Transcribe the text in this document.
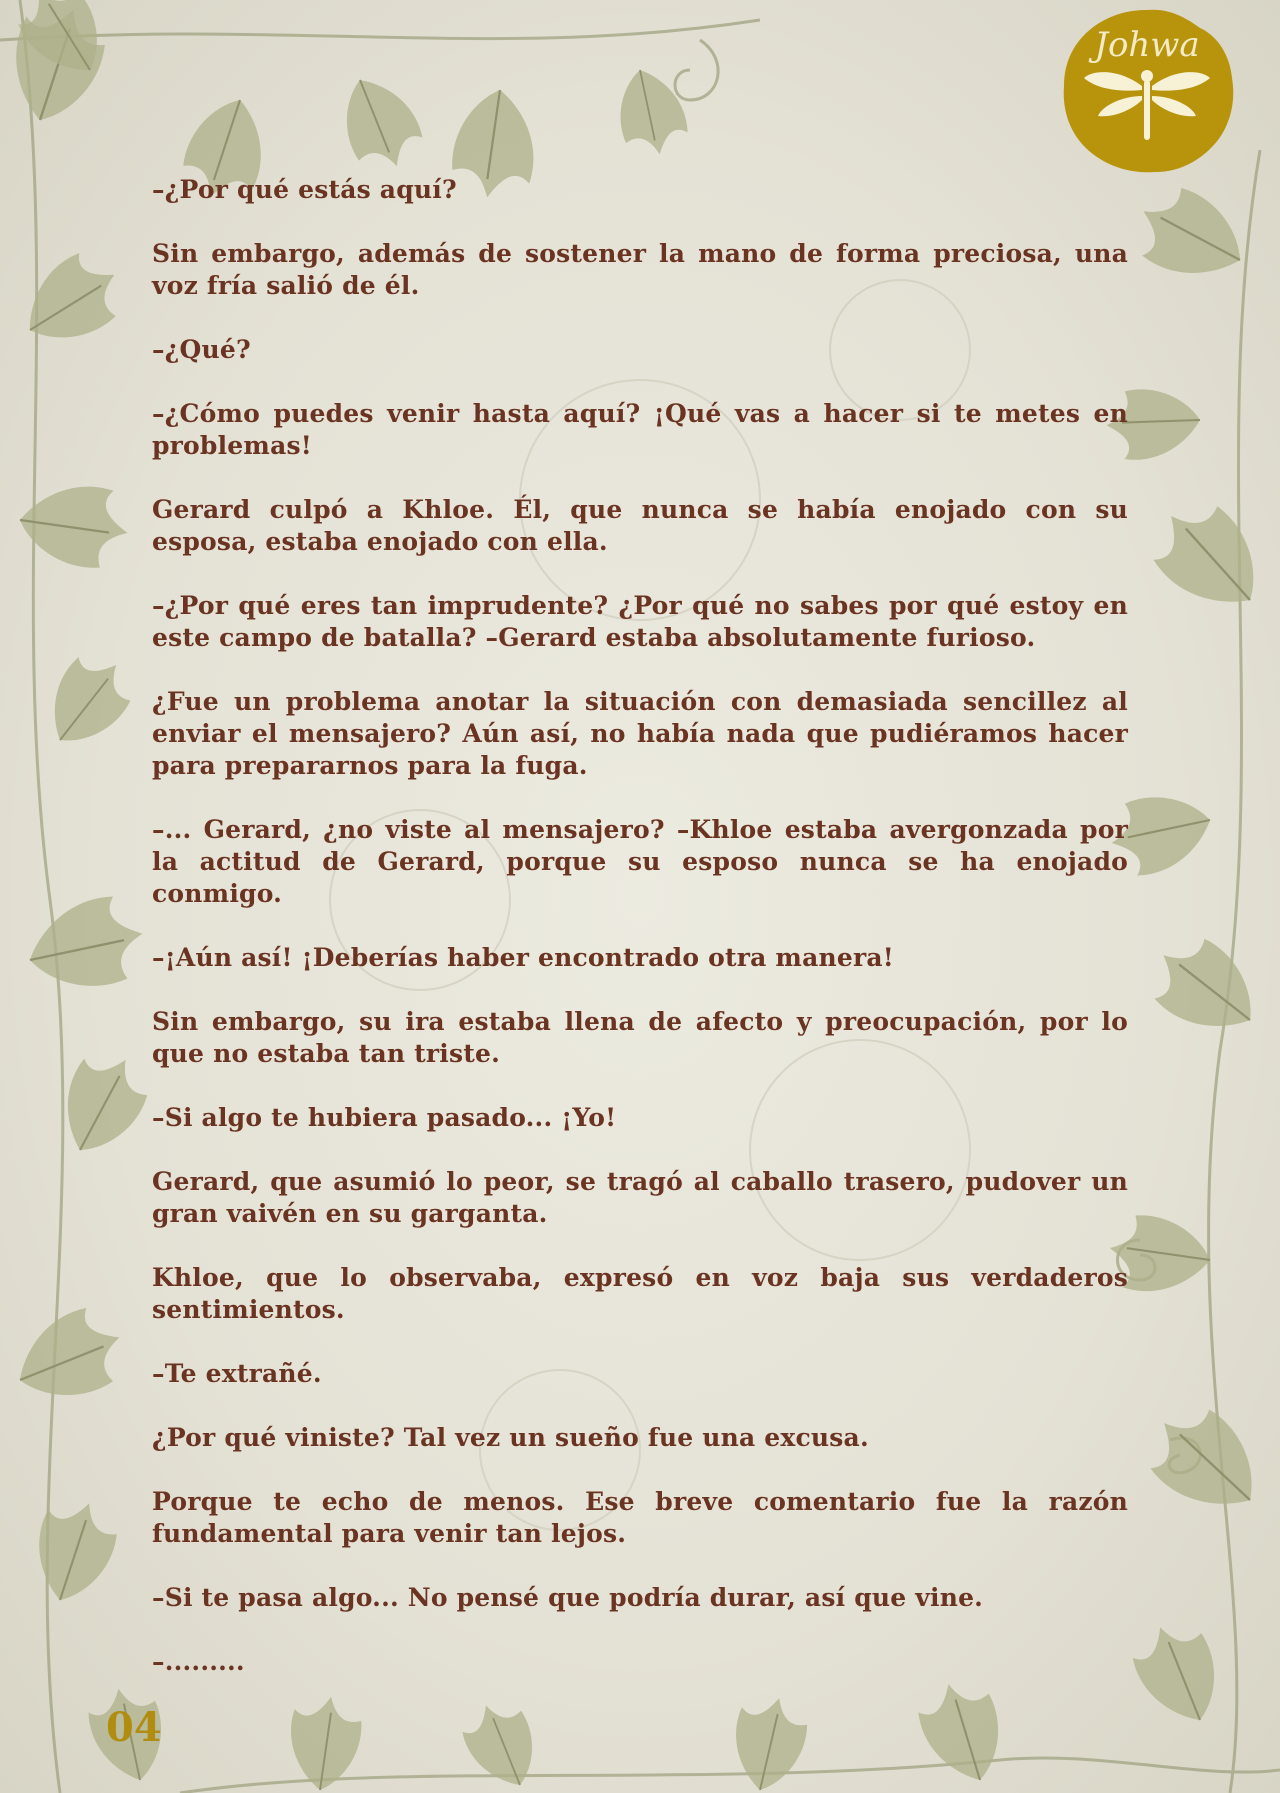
Johwa

–¿Por qué estás aquí?

Sin embargo, además de sostener la mano de forma preciosa, una voz fría salió de él.

–¿Qué?

–¿Cómo puedes venir hasta aquí? ¡Qué vas a hacer si te metes en problemas!

Gerard culpó a Khloe. Él, que nunca se había enojado con su esposa, estaba enojado con ella.

–¿Por qué eres tan imprudente? ¿Por qué no sabes por qué estoy en este campo de batalla? –Gerard estaba absolutamente furioso.

¿Fue un problema anotar la situación con demasiada sencillez al enviar el mensajero? Aún así, no había nada que pudiéramos hacer para prepararnos para la fuga.

–... Gerard, ¿no viste al mensajero? –Khloe estaba avergonzada por la actitud de Gerard, porque su esposo nunca se ha enojado conmigo.

–¡Aún así! ¡Deberías haber encontrado otra manera!

Sin embargo, su ira estaba llena de afecto y preocupación, por lo que no estaba tan triste.

–Si algo te hubiera pasado... ¡Yo!

Gerard, que asumió lo peor, se tragó al caballo trasero, pudover un gran vaivén en su garganta.

Khloe, que lo observaba, expresó en voz baja sus verdaderos sentimientos.

–Te extrañé.

¿Por qué viniste? Tal vez un sueño fue una excusa.

Porque te echo de menos. Ese breve comentario fue la razón fundamental para venir tan lejos.

–Si te pasa algo... No pensé que podría durar, así que vine.

–.........

04
